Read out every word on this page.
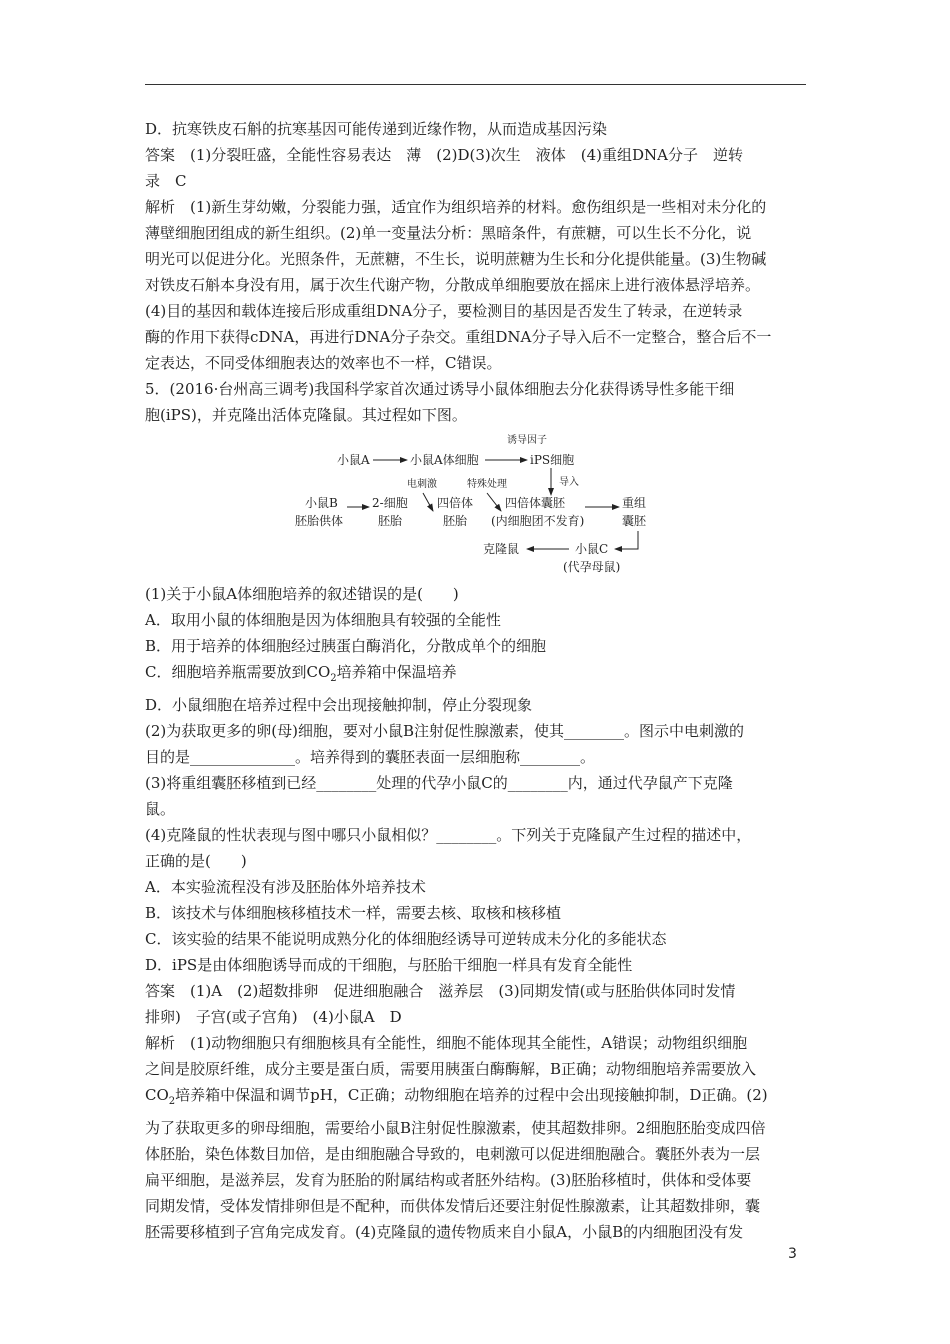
D．抗寒铁皮石斛的抗寒基因可能传递到近缘作物，从而造成基因污染

答案　(1)分裂旺盛，全能性容易表达　薄　(2)D(3)次生　液体　(4)重组DNA分子　逆转

录　C

解析　(1)新生芽幼嫩，分裂能力强，适宜作为组织培养的材料。愈伤组织是一些相对未分化的

薄壁细胞团组成的新生组织。(2)单一变量法分析：黑暗条件，有蔗糖，可以生长不分化，说

明光可以促进分化。光照条件，无蔗糖，不生长，说明蔗糖为生长和分化提供能量。(3)生物碱

对铁皮石斛本身没有用，属于次生代谢产物，分散成单细胞要放在摇床上进行液体悬浮培养。

(4)目的基因和载体连接后形成重组DNA分子，要检测目的基因是否发生了转录，在逆转录

酶的作用下获得cDNA，再进行DNA分子杂交。重组DNA分子导入后不一定整合，整合后不一

定表达，不同受体细胞表达的效率也不一样，C错误。

5．(2016·台州高三调考)我国科学家首次通过诱导小鼠体细胞去分化获得诱导性多能干细

胞(iPS)，并克隆出活体克隆鼠。其过程如下图。

小鼠A	小鼠A体细胞
诱导因子
iPS细胞
导入
小鼠B
胚胎供体
2-细胞
胚胎
电刺激
四倍体
胚胎
特殊处理
四倍体囊胚
(内细胞团不发育)
重组
囊胚
小鼠C
(代孕母鼠)
克隆鼠

(1)关于小鼠A体细胞培养的叙述错误的是(　　)

A．取用小鼠的体细胞是因为体细胞具有较强的全能性

B．用于培养的体细胞经过胰蛋白酶消化，分散成单个的细胞

C．细胞培养瓶需要放到$CO_2$培养箱中保温培养

D．小鼠细胞在培养过程中会出现接触抑制，停止分裂现象

(2)为获取更多的卵(母)细胞，要对小鼠B注射促性腺激素，使其________。图示中电刺激的

目的是______________。培养得到的囊胚表面一层细胞称________。

(3)将重组囊胚移植到已经________处理的代孕小鼠C的________内，通过代孕鼠产下克隆

鼠。

(4)克隆鼠的性状表现与图中哪只小鼠相似？________。下列关于克隆鼠产生过程的描述中，

正确的是(　　)

A．本实验流程没有涉及胚胎体外培养技术

B．该技术与体细胞核移植技术一样，需要去核、取核和核移植

C．该实验的结果不能说明成熟分化的体细胞经诱导可逆转成未分化的多能状态

D．iPS是由体细胞诱导而成的干细胞，与胚胎干细胞一样具有发育全能性

答案　(1)A　(2)超数排卵　促进细胞融合　滋养层　(3)同期发情(或与胚胎供体同时发情

排卵)　子宫(或子宫角)　(4)小鼠A　D

解析　(1)动物细胞只有细胞核具有全能性，细胞不能体现其全能性，A错误；动物组织细胞

之间是胶原纤维，成分主要是蛋白质，需要用胰蛋白酶酶解，B正确；动物细胞培养需要放入

$CO_2$培养箱中保温和调节pH，C正确；动物细胞在培养的过程中会出现接触抑制，D正确。(2)

为了获取更多的卵母细胞，需要给小鼠B注射促性腺激素，使其超数排卵。2细胞胚胎变成四倍

体胚胎，染色体数目加倍，是由细胞融合导致的，电刺激可以促进细胞融合。囊胚外表为一层

扁平细胞，是滋养层，发育为胚胎的附属结构或者胚外结构。(3)胚胎移植时，供体和受体要

同期发情，受体发情排卵但是不配种，而供体发情后还要注射促性腺激素，让其超数排卵，囊

胚需要移植到子宫角完成发育。(4)克隆鼠的遗传物质来自小鼠A，小鼠B的内细胞团没有发

3
